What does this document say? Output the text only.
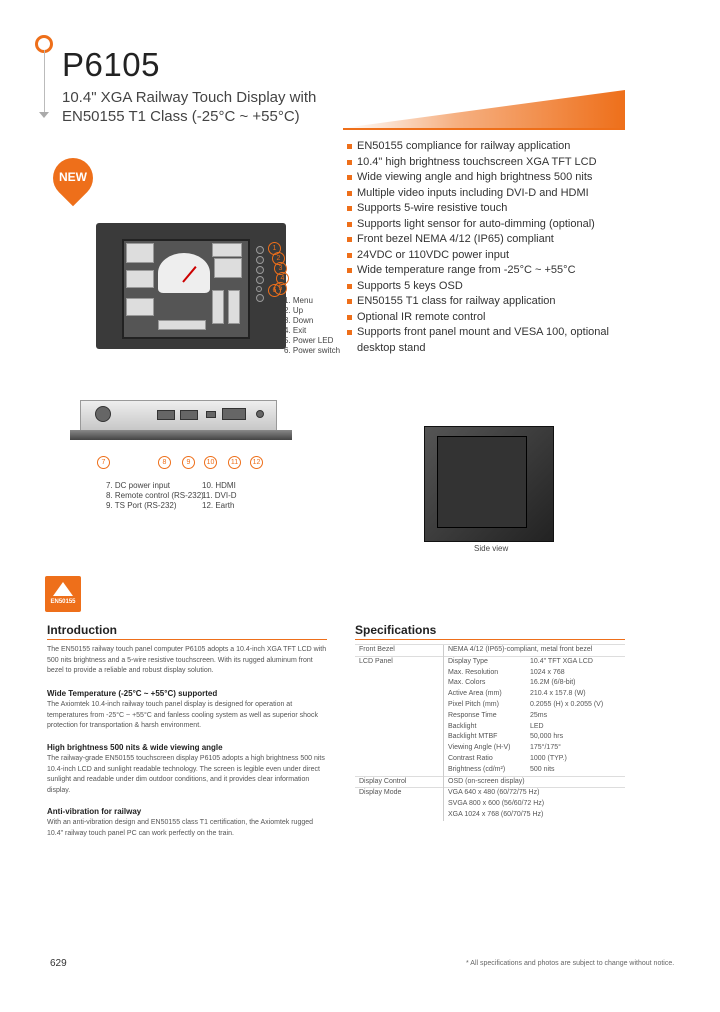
P6105
10.4" XGA Railway Touch Display with
EN50155 T1 Class (-25°C ~ +55°C)
NEW
EN50155 compliance for railway application
10.4" high brightness touchscreen XGA TFT LCD
Wide viewing angle and high brightness 500 nits
Multiple video inputs including DVI-D and HDMI
Supports 5-wire resistive touch
Supports light sensor for auto-dimming (optional)
Front bezel NEMA 4/12 (IP65) compliant
24VDC or 110VDC power input
Wide temperature range from -25°C ~ +55°C
Supports 5 keys OSD
EN50155 T1 class for railway application
Optional IR remote control
Supports front panel mount and VESA 100, optional
desktop stand
1
2
3
4
5
6
1. Menu
2. Up
3. Down
4. Exit
5. Power LED
6. Power switch
7	8	9	10	11	12
7. DC power input
8. Remote control (RS-232)
9. TS Port (RS-232)
10. HDMI
11. DVI-D
12. Earth
Side view
EN50155
Introduction
The EN50155 railway touch panel computer P6105 adopts a 10.4-inch XGA TFT LCD with 500 nits brightness and a 5-wire resistive touchscreen. With its rugged aluminum front bezel to provide a reliable and robust display solution.
Wide Temperature (-25°C ~ +55°C) supported
The Axiomtek 10.4-inch railway touch panel display is designed for operation at temperatures from -25°C ~ +55°C and fanless cooling system as well as superior shock protection for transportation & harsh environment.
High brightness 500 nits & wide viewing angle
The railway-grade EN50155 touchscreen display P6105 adopts a high brightness 500 nits 10.4-inch LCD and sunlight readable technology. The screen is legible even under direct sunlight and readable under dim outdoor conditions, and it provides clear information display.
Anti-vibration for railway
With an anti-vibration design and EN50155 class T1 certification, the Axiomtek rugged 10.4" railway touch panel PC can work perfectly on the train.
Specifications
Front Bezel	NEMA 4/12 (IP65)-compliant, metal front bezel	
LCD Panel	Display Type	10.4" TFT XGA LCD
	Max. Resolution	1024 x 768
	Max. Colors	16.2M (6/8-bit)
	Active Area (mm)	210.4 x 157.8 (W)
	Pixel Pitch (mm)	0.2055 (H) x 0.2055 (V)
	Response Time	25ms
	Backlight	LED
	Backlight MTBF	50,000 hrs
	Viewing Angle (H-V)	175°/175°
	Contrast Ratio	1000 (TYP.)
	Brightness (cd/m²)	500 nits
Display Control	OSD (on-screen display)	
Display Mode	VGA 640 x 480 (60/72/75 Hz)	
	SVGA 800 x 600 (56/60/72 Hz)	
	XGA 1024 x 768 (60/70/75 Hz)	
629	* All specifications and photos are subject to change without notice.
